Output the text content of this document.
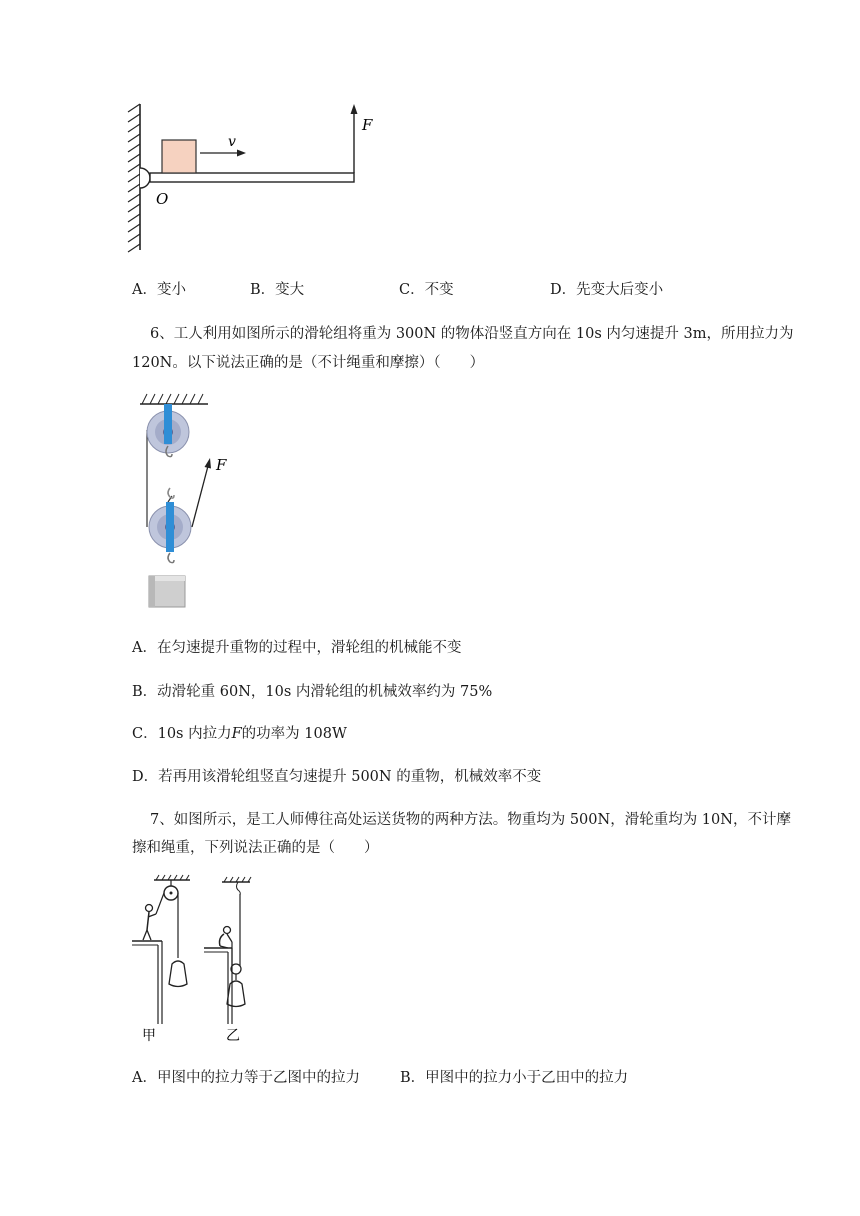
v
F
O
A．变小	B．变大	C．不变	D．先变大后变小
6、工人利用如图所示的滑轮组将重为 300N 的物体沿竖直方向在 10s 内匀速提升 3m，所用拉力为
120N。以下说法正确的是（不计绳重和摩擦）（　　）
F
A．在匀速提升重物的过程中，滑轮组的机械能不变
B．动滑轮重 60N，10s 内滑轮组的机械效率约为 75%
C．10s 内拉力F的功率为 108W
D．若再用该滑轮组竖直匀速提升 500N 的重物，机械效率不变
7、如图所示，是工人师傅往高处运送货物的两种方法。物重均为 500N，滑轮重均为 10N，不计摩
擦和绳重，下列说法正确的是（　　）
甲	乙
A．甲图中的拉力等于乙图中的拉力	B．甲图中的拉力小于乙田中的拉力
